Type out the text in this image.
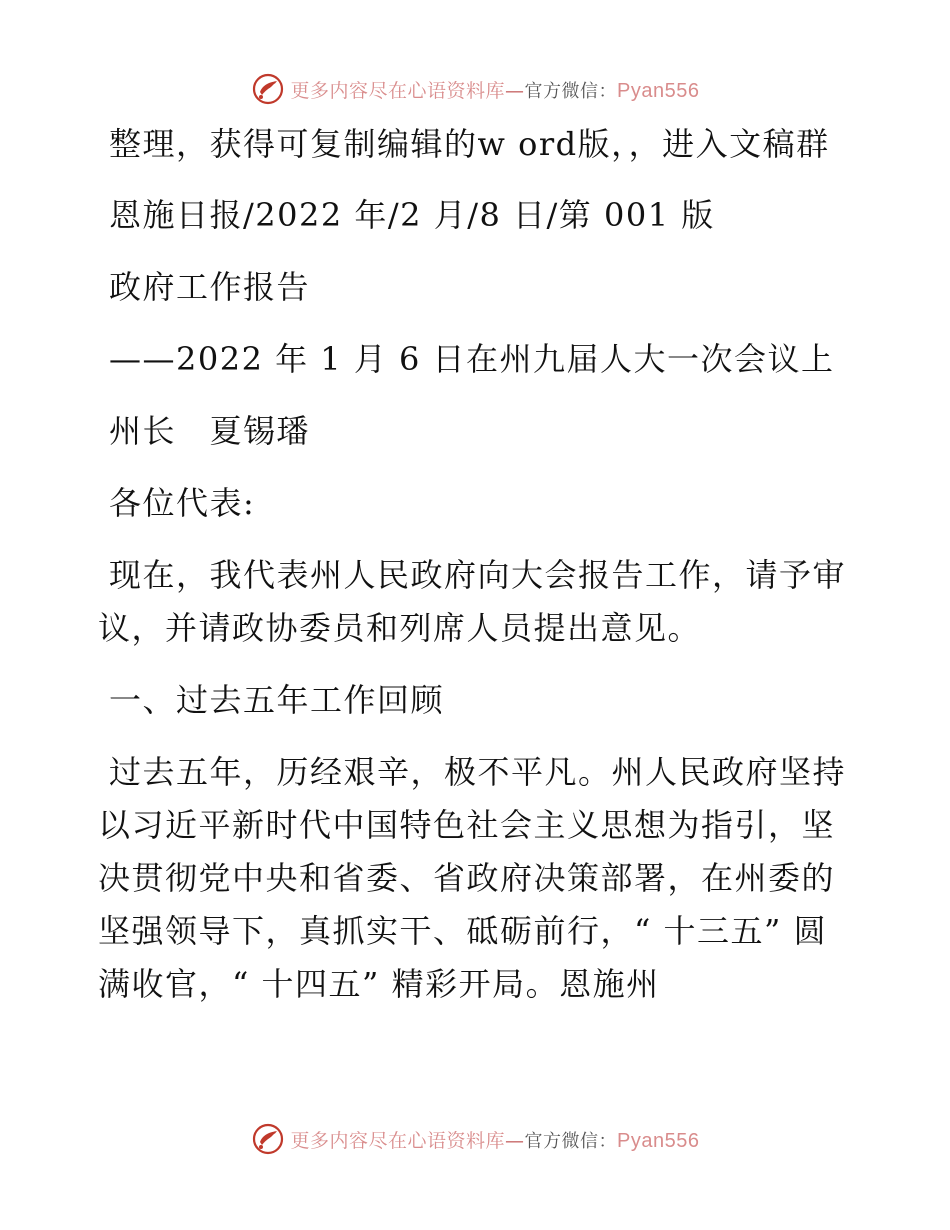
更多内容尽在心语资料库—官方微信：Pyan556

整理，获得可复制编辑的w ord版，，进入文稿群

恩施日报/2022 年/2 月/8 日/第 001 版

政府工作报告

——2022 年 1 月 6 日在州九届人大一次会议上

州长　夏锡璠

各位代表:

现在，我代表州人民政府向大会报告工作，请予审议，并请政协委员和列席人员提出意见。

一、过去五年工作回顾

过去五年，历经艰辛，极不平凡。州人民政府坚持以习近平新时代中国特色社会主义思想为指引，坚决贯彻党中央和省委、省政府决策部署，在州委的坚强领导下，真抓实干、砥砺前行，“ 十三五” 圆满收官，“ 十四五” 精彩开局。恩施州

更多内容尽在心语资料库—官方微信：Pyan556
